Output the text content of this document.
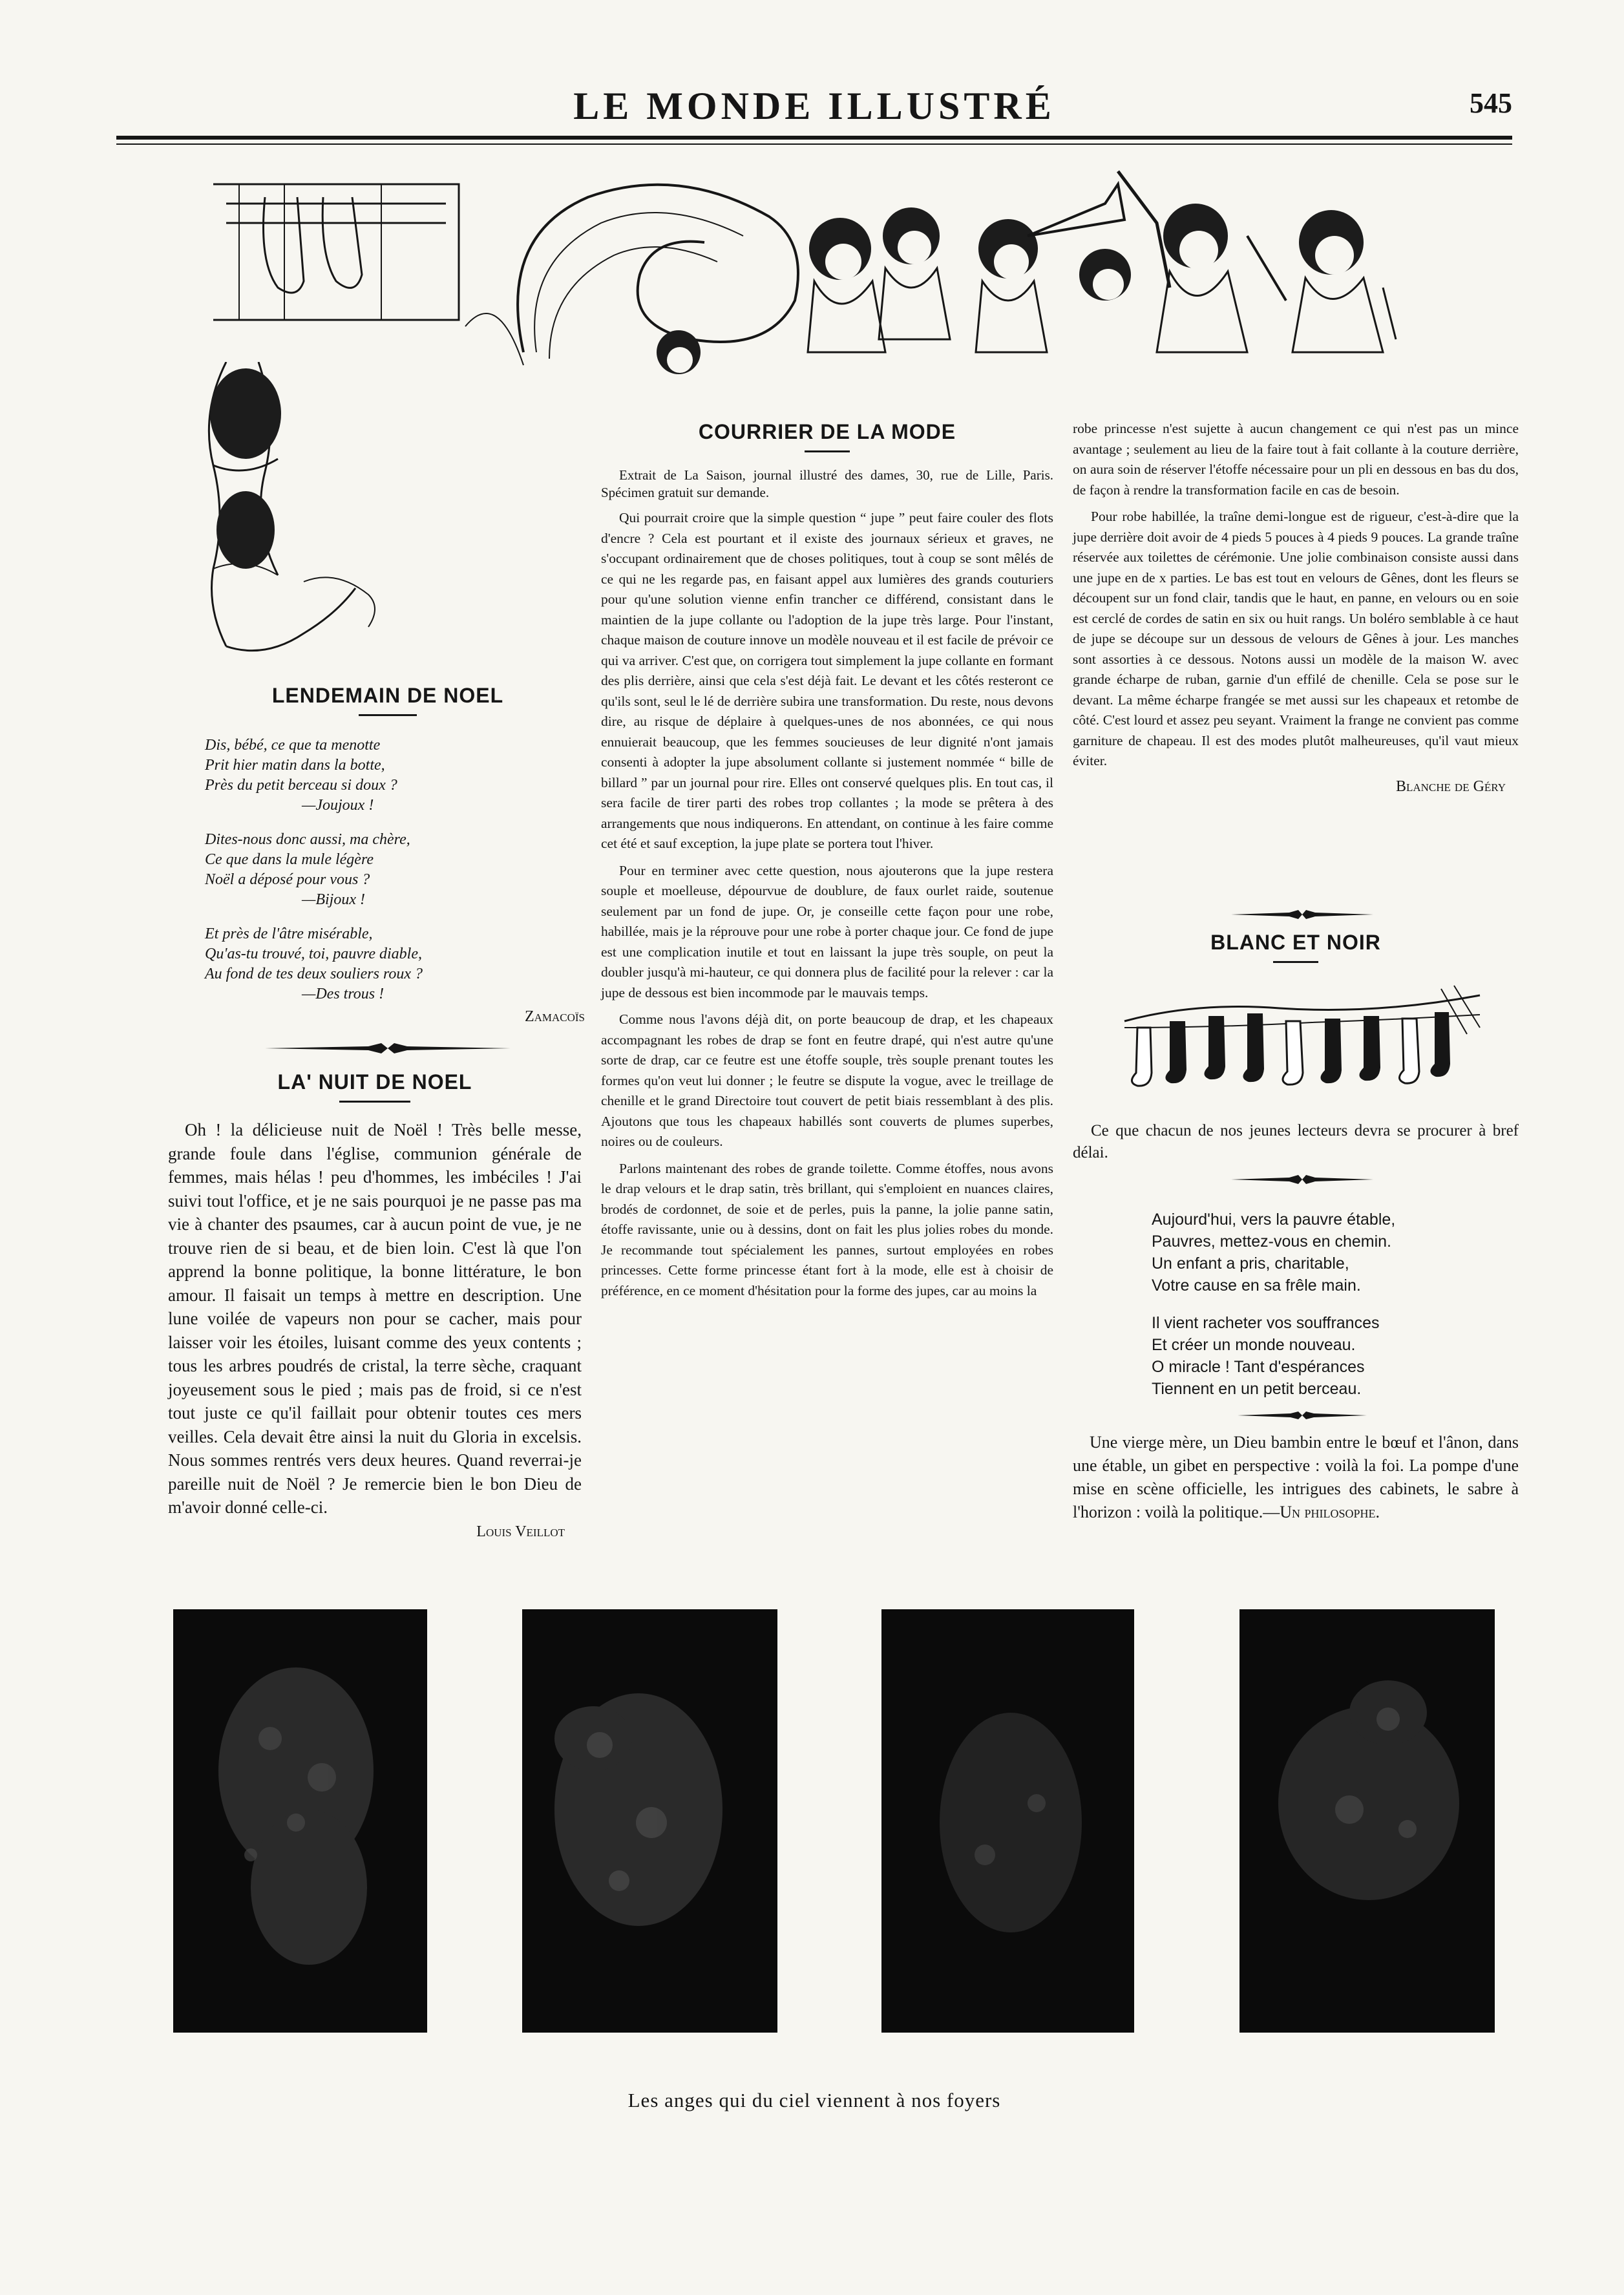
LE MONDE ILLUSTRÉ	545
LENDEMAIN DE NOEL
Dis, bébé, ce que ta menotte
Prit hier matin dans la botte,
Près du petit berceau si doux ?
—Joujoux !
Dites-nous donc aussi, ma chère,
Ce que dans la mule légère
Noël a déposé pour vous ?
—Bijoux !
Et près de l'âtre misérable,
Qu'as-tu trouvé, toi, pauvre diable,
Au fond de tes deux souliers roux ?
—Des trous !
Zamacoïs
LA' NUIT DE NOEL

Oh ! la délicieuse nuit de Noël ! Très belle messe, grande foule dans l'église, communion générale de femmes, mais hélas ! peu d'hommes, les imbéciles ! J'ai suivi tout l'office, et je ne sais pourquoi je ne passe pas ma vie à chanter des psaumes, car à aucun point de vue, je ne trouve rien de si beau, et de bien loin. C'est là que l'on apprend la bonne politique, la bonne littérature, le bon amour. Il faisait un temps à mettre en description. Une lune voilée de vapeurs non pour se cacher, mais pour laisser voir les étoiles, luisant comme des yeux contents ; tous les arbres poudrés de cristal, la terre sèche, craquant joyeusement sous le pied ; mais pas de froid, si ce n'est tout juste ce qu'il faillait pour obtenir toutes ces mers veilles. Cela devait être ainsi la nuit du Gloria in excelsis. Nous sommes rentrés vers deux heures. Quand reverrai-je pareille nuit de Noël ? Je remercie bien le bon Dieu de m'avoir donné celle-ci.

Louis Veillot
COURRIER DE LA MODE

Extrait de La Saison, journal illustré des dames, 30, rue de Lille, Paris. Spécimen gratuit sur demande.

Qui pourrait croire que la simple question “ jupe ” peut faire couler des flots d'encre ? Cela est pourtant et il existe des journaux sérieux et graves, ne s'occupant ordinairement que de choses politiques, tout à coup se sont mêlés de ce qui ne les regarde pas, en faisant appel aux lumières des grands couturiers pour qu'une solution vienne enfin trancher ce différend, consistant dans le maintien de la jupe collante ou l'adoption de la jupe très large. Pour l'instant, chaque maison de couture innove un modèle nouveau et il est facile de prévoir ce qui va arriver. C'est que, on corrigera tout simplement la jupe collante en formant des plis derrière, ainsi que cela s'est déjà fait. Le devant et les côtés resteront ce qu'ils sont, seul le lé de derrière subira une transformation. Du reste, nous devons dire, au risque de déplaire à quelques-unes de nos abonnées, ce qui nous ennuierait beaucoup, que les femmes soucieuses de leur dignité n'ont jamais consenti à adopter la jupe absolument collante si justement nommée “ bille de billard ” par un journal pour rire. Elles ont conservé quelques plis. En tout cas, il sera facile de tirer parti des robes trop collantes ; la mode se prêtera à des arrangements que nous indiquerons. En attendant, on continue à les faire comme cet été et sauf exception, la jupe plate se portera tout l'hiver.

Pour en terminer avec cette question, nous ajouterons que la jupe restera souple et moelleuse, dépourvue de doublure, de faux ourlet raide, soutenue seulement par un fond de jupe. Or, je conseille cette façon pour une robe, habillée, mais je la réprouve pour une robe à porter chaque jour. Ce fond de jupe est une complication inutile et tout en laissant la jupe très souple, on peut la doubler jusqu'à mi-hauteur, ce qui donnera plus de facilité pour la relever : car la jupe de dessous est bien incommode par le mauvais temps.

Comme nous l'avons déjà dit, on porte beaucoup de drap, et les chapeaux accompagnant les robes de drap se font en feutre drapé, qui n'est autre qu'une sorte de drap, car ce feutre est une étoffe souple, très souple prenant toutes les formes qu'on veut lui donner ; le feutre se dispute la vogue, avec le treillage de chenille et le grand Directoire tout couvert de petit biais ressemblant à des plis. Ajoutons que tous les chapeaux habillés sont couverts de plumes superbes, noires ou de couleurs.

Parlons maintenant des robes de grande toilette. Comme étoffes, nous avons le drap velours et le drap satin, très brillant, qui s'emploient en nuances claires, brodés de cordonnet, de soie et de perles, puis la panne, la jolie panne satin, étoffe ravissante, unie ou à dessins, dont on fait les plus jolies robes du monde. Je recommande tout spécialement les pannes, surtout employées en robes princesses. Cette forme princesse étant fort à la mode, elle est à choisir de préférence, en ce moment d'hésitation pour la forme des jupes, car au moins la

robe princesse n'est sujette à aucun changement ce qui n'est pas un mince avantage ; seulement au lieu de la faire tout à fait collante à la couture derrière, on aura soin de réserver l'étoffe nécessaire pour un pli en dessous en bas du dos, de façon à rendre la transformation facile en cas de besoin.

Pour robe habillée, la traîne demi-longue est de rigueur, c'est-à-dire que la jupe derrière doit avoir de 4 pieds 5 pouces à 4 pieds 9 pouces. La grande traîne réservée aux toilettes de cérémonie. Une jolie combinaison consiste aussi dans une jupe en de x parties. Le bas est tout en velours de Gênes, dont les fleurs se découpent sur un fond clair, tandis que le haut, en panne, en velours ou en soie est cerclé de cordes de satin en six ou huit rangs. Un boléro semblable à ce haut de jupe se découpe sur un dessous de velours de Gênes à jour. Les manches sont assorties à ce dessous. Notons aussi un modèle de la maison W. avec grande écharpe de ruban, garnie d'un effilé de chenille. Cela se pose sur le devant. La même écharpe frangée se met aussi sur les chapeaux et retombe de côté. C'est lourd et assez peu seyant. Vraiment la frange ne convient pas comme garniture de chapeau. Il est des modes plutôt malheureuses, qu'il vaut mieux éviter.

Blanche de Géry
BLANC ET NOIR

Ce que chacun de nos jeunes lecteurs devra se procurer à bref délai.

Aujourd'hui, vers la pauvre étable,
Pauvres, mettez-vous en chemin.
Un enfant a pris, charitable,
Votre cause en sa frêle main.
Il vient racheter vos souffrances
Et créer un monde nouveau.
O miracle ! Tant d'espérances
Tiennent en un petit berceau.

Une vierge mère, un Dieu bambin entre le bœuf et l'ânon, dans une étable, un gibet en perspective : voilà la foi. La pompe d'une mise en scène officielle, les intrigues des cabinets, le sabre à l'horizon : voilà la politique.—Un philosophe.

Les anges qui du ciel viennent à nos foyers
